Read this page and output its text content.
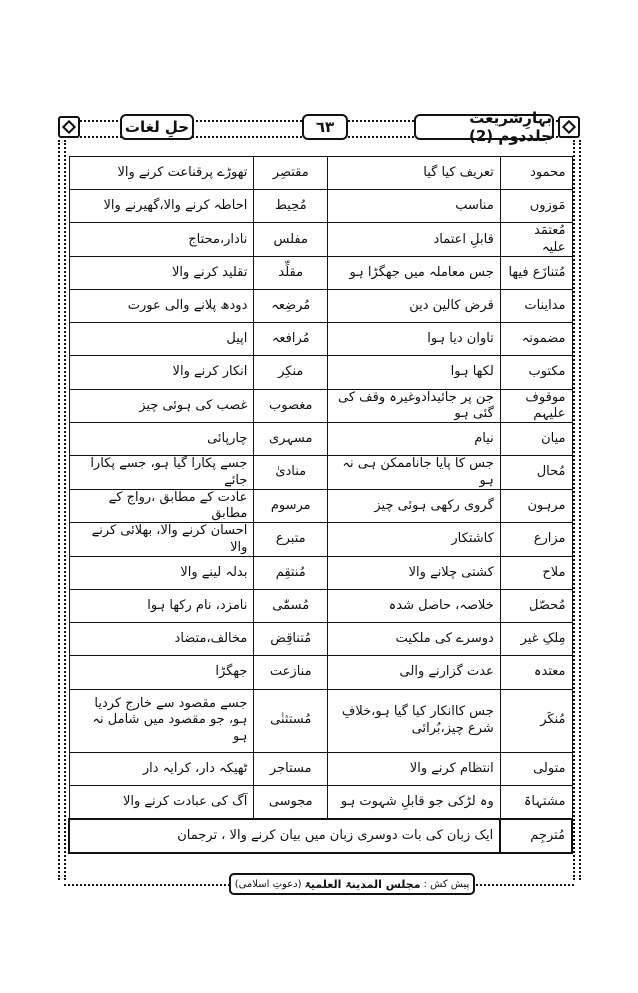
بہارِشریعت جلددوم (2)
٦٣
حلِ لغات
محمود	تعریف کیا گیا	مقتصِر	تھوڑے پرقناعت کرنے والا
مَوزوں	مناسب	مُحِیط	احاطہ کرنے والا،گھیرنے والا
مُعتمَد علیہ	قابلِ اعتماد	مفلس	نادار،محتاج
مُتنازَع فیھا	جس معاملہ میں جھگڑا ہو	مقلِّد	تقلید کرنے والا
مداینات	قرض کالین دین	مُرضِعہ	دودھ پلانے والی عورت
مضمونہ	تاوان دیا ہوا	مُرافعہ	اپیل
مکتوب	لکھا ہوا	منکِر	انکار کرنے والا
موقوف علیہم	جن پر جائیدادوغیرہ وقف کی گئی ہو	مغصوب	غصب کی ہوئی چیز
میان	نیام	مسہری	چارپائی
مُحال	جس کا پایا جاناممکن ہی نہ ہو	منادیٰ	جسے پکارا گیا ہو، جسے پکارا جائے
مرہون	گروی رکھی ہوئی چیز	مرسوم	عادت کے مطابق ،رواج کے مطابق
مزارع	کاشتکار	متبرع	احسان کرنے والا، بھلائی کرنے والا
ملاح	کشتی چلانے والا	مُنتقِم	بدلہ لینے والا
مُحصّل	خلاصہ، حاصل شدہ	مُسمّٰی	نامزد، نام رکھا ہوا
مِلکِ غیر	دوسرے کی ملکیت	مُتناقِض	مخالف،متضاد
معتدہ	عدت گزارنے والی	منازعت	جھگڑا
مُنکَر	جس کاانکار کیا گیا ہو،خلافِ شرع چیز،بُرائی	مُستثنٰی	جسے مقصود سے خارج کردیا ہو، جو مقصود میں شامل نہ ہو
متولی	انتظام کرنے والا	مستاجر	ٹھیکہ دار، کرایہ دار
مشتہاۃ	وہ لڑکی جو قابلِ شہوت ہو	مجوسی	آگ کی عبادت کرنے والا
مُترجِم	ایک زبان کی بات دوسری زبان میں بیان کرنے والا ، ترجمان		
پیش کش :
مجلس المدینۃ العلمیۃ
(دعوتِ اسلامی)
